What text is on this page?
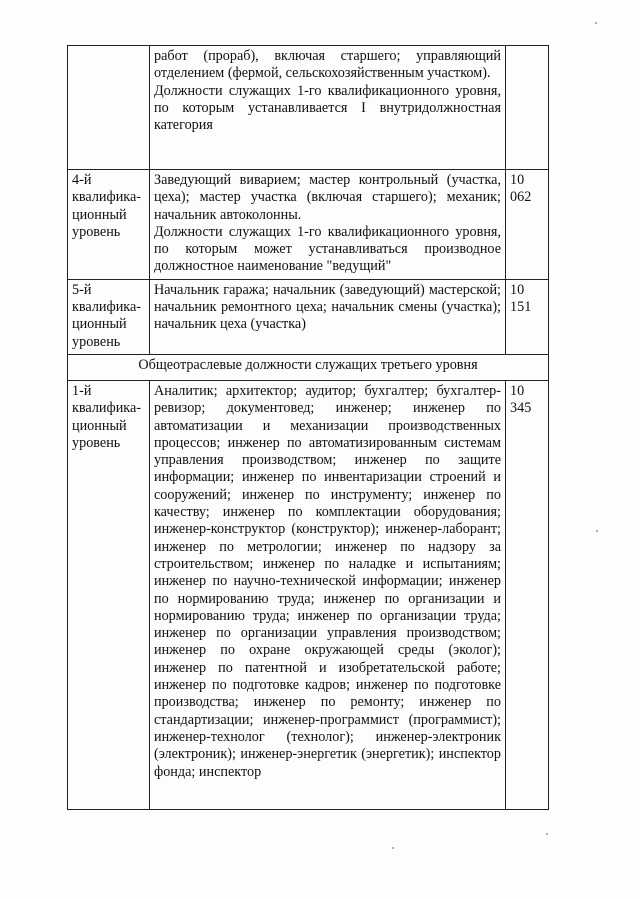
	работ (прораб), включая старшего; управляющий отделением (фермой, сельскохозяйственным участком).
Должности служащих 1-го квалификационного уровня, по которым устанавливается I внутридолжностная категория	

4-й квалифика-ционный уровень	Заведующий виварием; мастер контрольный (участка, цеха); мастер участка (включая старшего); механик; начальник автоколонны.
Должности служащих 1-го квалификационного уровня, по которым может устанавливаться производное должностное наименование "ведущий"	10 062
5-й квалифика-ционный уровень	Начальник гаража; начальник (заведующий) мастерской; начальник ремонтного цеха; начальник смены (участка); начальник цеха (участка)	10 151
Общеотраслевые должности служащих третьего уровня		
1-й квалифика-ционный уровень	Аналитик; архитектор; аудитор; бухгалтер; бухгалтер-ревизор; документовед; инженер; инженер по автоматизации и механизации производственных процессов; инженер по автоматизированным системам управления производством; инженер по защите информации; инженер по инвентаризации строений и сооружений; инженер по инструменту; инженер по качеству; инженер по комплектации оборудования; инженер-конструктор (конструктор); инженер-лаборант; инженер по метрологии; инженер по надзору за строительством; инженер по наладке и испытаниям; инженер по научно-технической информации; инженер по нормированию труда; инженер по организации и нормированию труда; инженер по организации труда; инженер по организации управления производством; инженер по охране окружающей среды (эколог); инженер по патентной и изобретательской работе; инженер по подготовке кадров; инженер по подготовке производства; инженер по ремонту; инженер по стандартизации; инженер-программист (программист); инженер-технолог (технолог); инженер-электроник (электроник); инженер-энергетик (энергетик); инспектор фонда; инспектор	10 345
